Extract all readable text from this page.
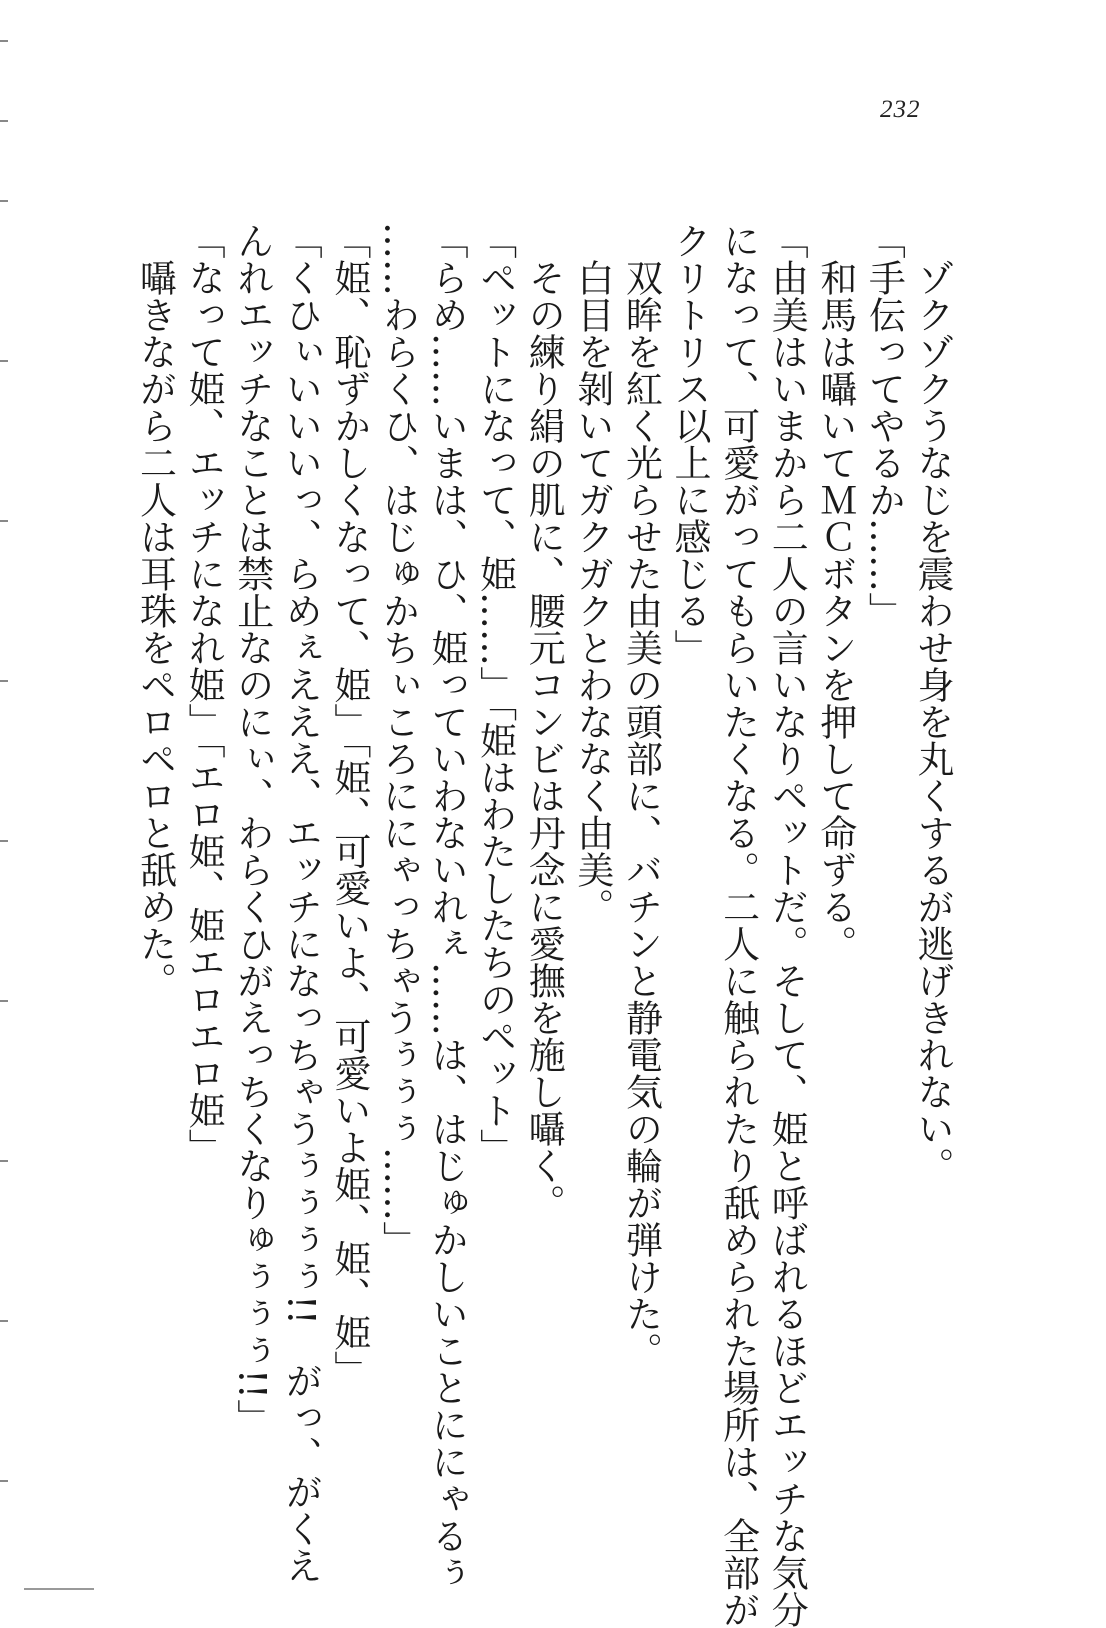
232
　ゾクゾクうなじを震わせ身を丸くするが逃げきれない。
「手伝ってやるか……」
　和馬は囁いてＭＣボタンを押して命ずる。
「由美はいまから二人の言いなりペットだ。そして、姫と呼ばれるほどエッチな気分
になって、可愛がってもらいたくなる。二人に触られたり舐められた場所は、全部が
クリトリス以上に感じる」
　双眸を紅く光らせた由美の頭部に、バチンと静電気の輪が弾けた。
　白目を剝いてガクガクとわななく由美。
　その練り絹の肌に、腰元コンビは丹念に愛撫を施し囁く。
「ペットになって、姫……」「姫はわたしたちのペット」
「らめ……いまは、ひ、姫っていわないれぇ……は、はじゅかしいことににゃるぅ
……わらくひ、はじゅかちぃころににゃっちゃうぅぅぅ……」
「姫、恥ずかしくなって、姫」「姫、可愛いよ、可愛いよ姫、姫、姫」
「くひぃいいいっ、らめぇえええ、エッチになっちゃうぅぅぅぅ!!　がっ、がくえ
んれエッチなことは禁止なのにぃ、わらくひがえっちくなりゅぅぅぅ!!」
「なって姫、エッチになれ姫」「エロ姫、姫エロエロ姫」
　囁きながら二人は耳珠をペロペロと舐めた。
